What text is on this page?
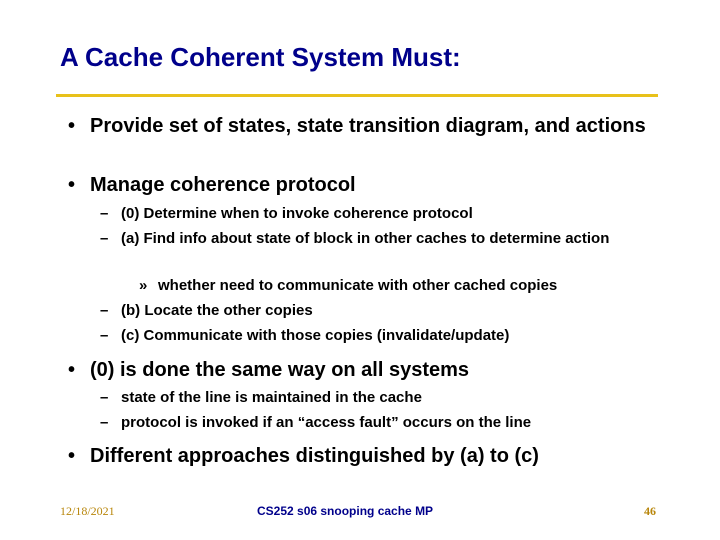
A Cache Coherent System Must:
• Provide set of states, state transition diagram, and actions
• Manage coherence protocol
– (0) Determine when to invoke coherence protocol
– (a) Find info about state of block in other caches to determine action
» whether need to communicate with other cached copies
– (b) Locate the other copies
– (c) Communicate with those copies (invalidate/update)
• (0) is done the same way on all systems
– state of the line is maintained in the cache
– protocol is invoked if an “access fault” occurs on the line
• Different approaches distinguished by (a) to (c)
12/18/2021	CS252 s06 snooping cache MP	46
